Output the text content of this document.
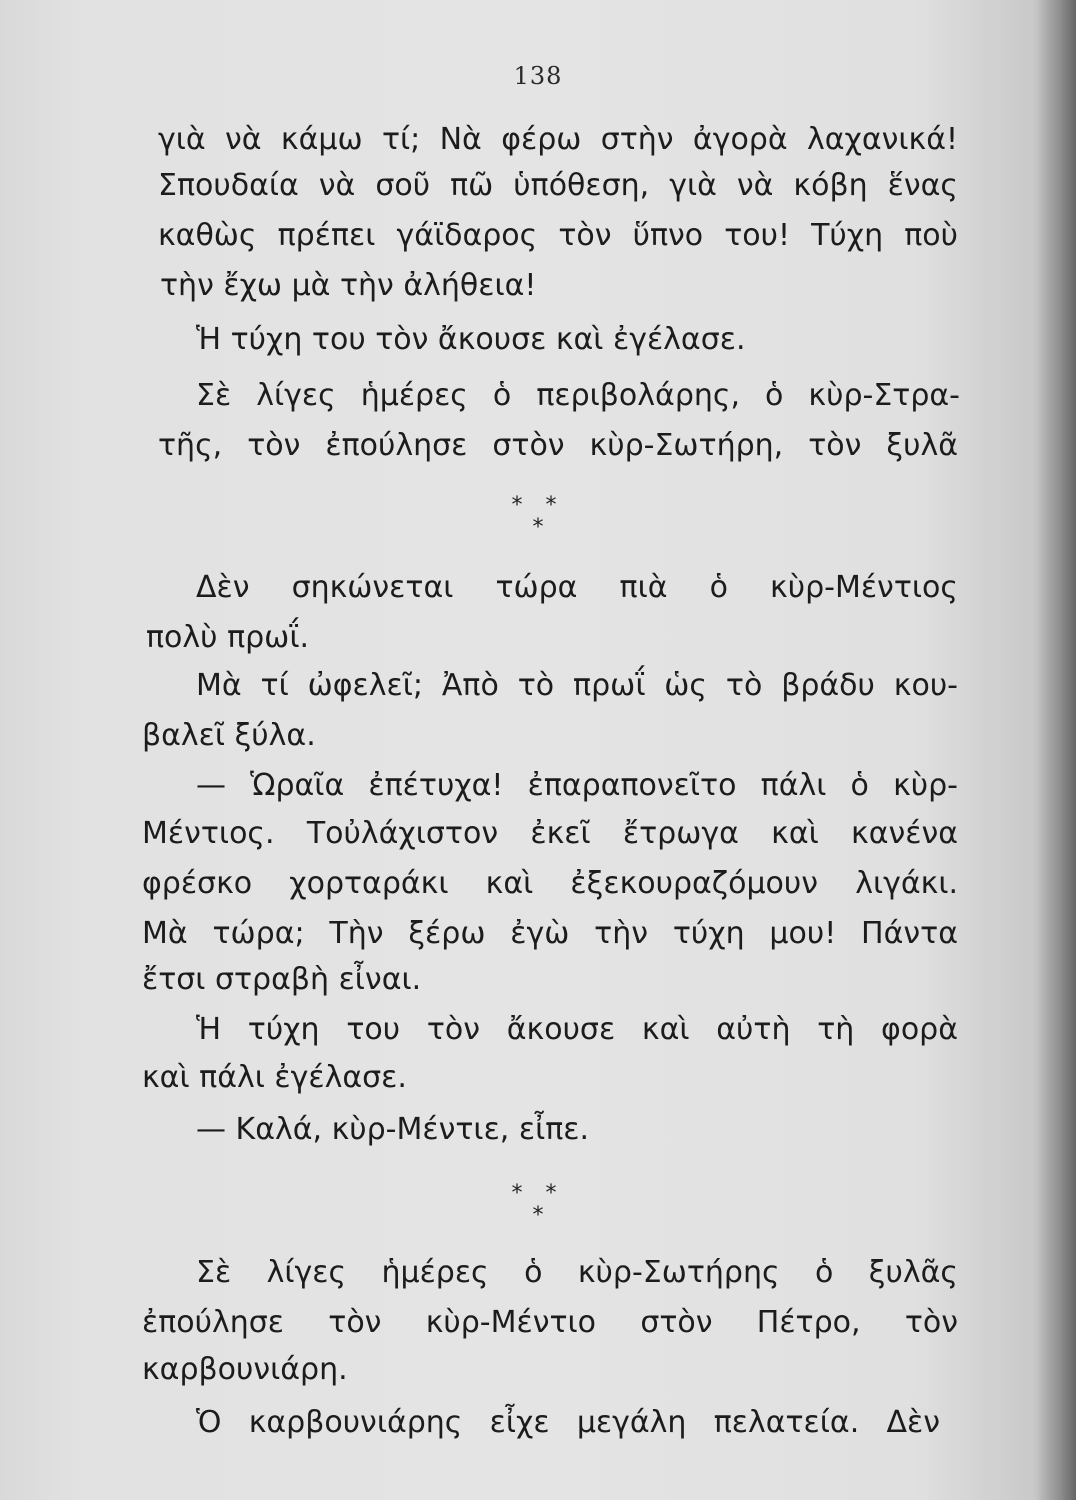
138
γιὰ νὰ κάμω τί; Νὰ φέρω στὴν ἀγορὰ λαχανικά!
Σπουδαία νὰ σοῦ πῶ ὑπόθεση, γιὰ νὰ κόβη ἕνας
καθὼς πρέπει γάϊδαρος τὸν ὕπνο του! Τύχη ποὺ
τὴν ἔχω μὰ τὴν ἀλήθεια!
Ἡ τύχη του τὸν ἄκουσε καὶ ἐγέλασε.
Σὲ λίγες ἡμέρες ὁ περιβολάρης, ὁ κὺρ-Στρα-
τῆς, τὸν ἐπούλησε στὸν κὺρ-Σωτήρη, τὸν ξυλᾶ
* *
*
Δὲν σηκώνεται τώρα πιὰ ὁ κὺρ-Μέντιος
πολὺ πρωΐ.
Μὰ τί ὠφελεῖ; Ἀπὸ τὸ πρωΐ ὡς τὸ βράδυ κου-
βαλεῖ ξύλα.
— Ὡραῖα ἐπέτυχα! ἐπαραπονεῖτο πάλι ὁ κὺρ-
Μέντιος. Τοὐλάχιστον ἐκεῖ ἔτρωγα καὶ κανένα
φρέσκο χορταράκι καὶ ἐξεκουραζόμουν λιγάκι.
Μὰ τώρα; Τὴν ξέρω ἐγὼ τὴν τύχη μου! Πάντα
ἔτσι στραβὴ εἶναι.
Ἡ τύχη του τὸν ἄκουσε καὶ αὐτὴ τὴ φορὰ
καὶ πάλι ἐγέλασε.
— Καλά, κὺρ-Μέντιε, εἶπε.
* *
*
Σὲ λίγες ἡμέρες ὁ κὺρ-Σωτήρης ὁ ξυλᾶς
ἐπούλησε τὸν κὺρ-Μέντιο στὸν Πέτρο, τὸν
καρβουνιάρη.
Ὁ καρβουνιάρης εἶχε μεγάλη πελατεία. Δὲν
